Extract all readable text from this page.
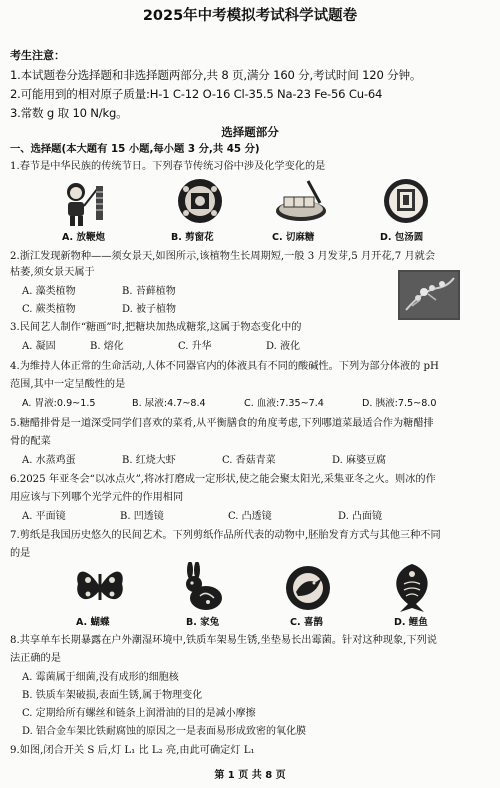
2025年中考模拟考试科学试题卷
考生注意：
1.本试题卷分选择题和非选择题两部分,共 8 页,满分 160 分,考试时间 120 分钟。
2.可能用到的相对原子质量:H-1 C-12 O-16 Cl-35.5 Na-23 Fe-56 Cu-64
3.常数 g 取 10 N/kg。
选择题部分
一、选择题(本大题有 15 小题,每小题 3 分,共 45 分)
1.春节是中华民族的传统节日。下列春节传统习俗中涉及化学变化的是
A. 放鞭炮	B. 剪窗花	C. 切麻糖	D. 包汤圆
2.浙江发现新物种——须女景天,如图所示,该植物生长周期短,一般 3 月发芽,5 月开花,7 月就会
枯萎,须女景天属于
A. 藻类植物	B. 苔藓植物
C. 蕨类植物	D. 被子植物
3.民间艺人制作“糖画”时,把糖块加热成糖浆,这属于物态变化中的
A. 凝固	B. 熔化	C. 升华	D. 液化
4.为维持人体正常的生命活动,人体不同器官内的体液具有不同的酸碱性。下列为部分体液的 pH
范围,其中一定呈酸性的是
A. 胃液:0.9~1.5	B. 尿液:4.7~8.4	C. 血液:7.35~7.4	D. 胰液:7.5~8.0
5.糖醋排骨是一道深受同学们喜欢的菜肴,从平衡膳食的角度考虑,下列哪道菜最适合作为糖醋排
骨的配菜
A. 水蒸鸡蛋	B. 红烧大虾	C. 香菇青菜	D. 麻婆豆腐
6.2025 年亚冬会“以冰点火”,将冰打磨成一定形状,使之能会聚太阳光,采集亚冬之火。则冰的作
用应该与下列哪个光学元件的作用相同
A. 平面镜	B. 凹透镜	C. 凸透镜	D. 凸面镜
7.剪纸是我国历史悠久的民间艺术。下列剪纸作品所代表的动物中,胚胎发育方式与其他三种不同
的是
A. 蝴蝶	B. 家兔	C. 喜鹊	D. 鲤鱼
8.共享单车长期暴露在户外潮湿环境中,铁质车架易生锈,坐垫易长出霉菌。针对这种现象,下列说
法正确的是
A. 霉菌属于细菌,没有成形的细胞核
B. 铁质车架破损,表面生锈,属于物理变化
C. 定期给所有螺丝和链条上润滑油的目的是减小摩擦
D. 铝合金车架比铁耐腐蚀的原因之一是表面易形成致密的氧化膜
9.如图,闭合开关 S 后,灯 L₁ 比 L₂ 亮,由此可确定灯 L₁
第 1 页 共 8 页
